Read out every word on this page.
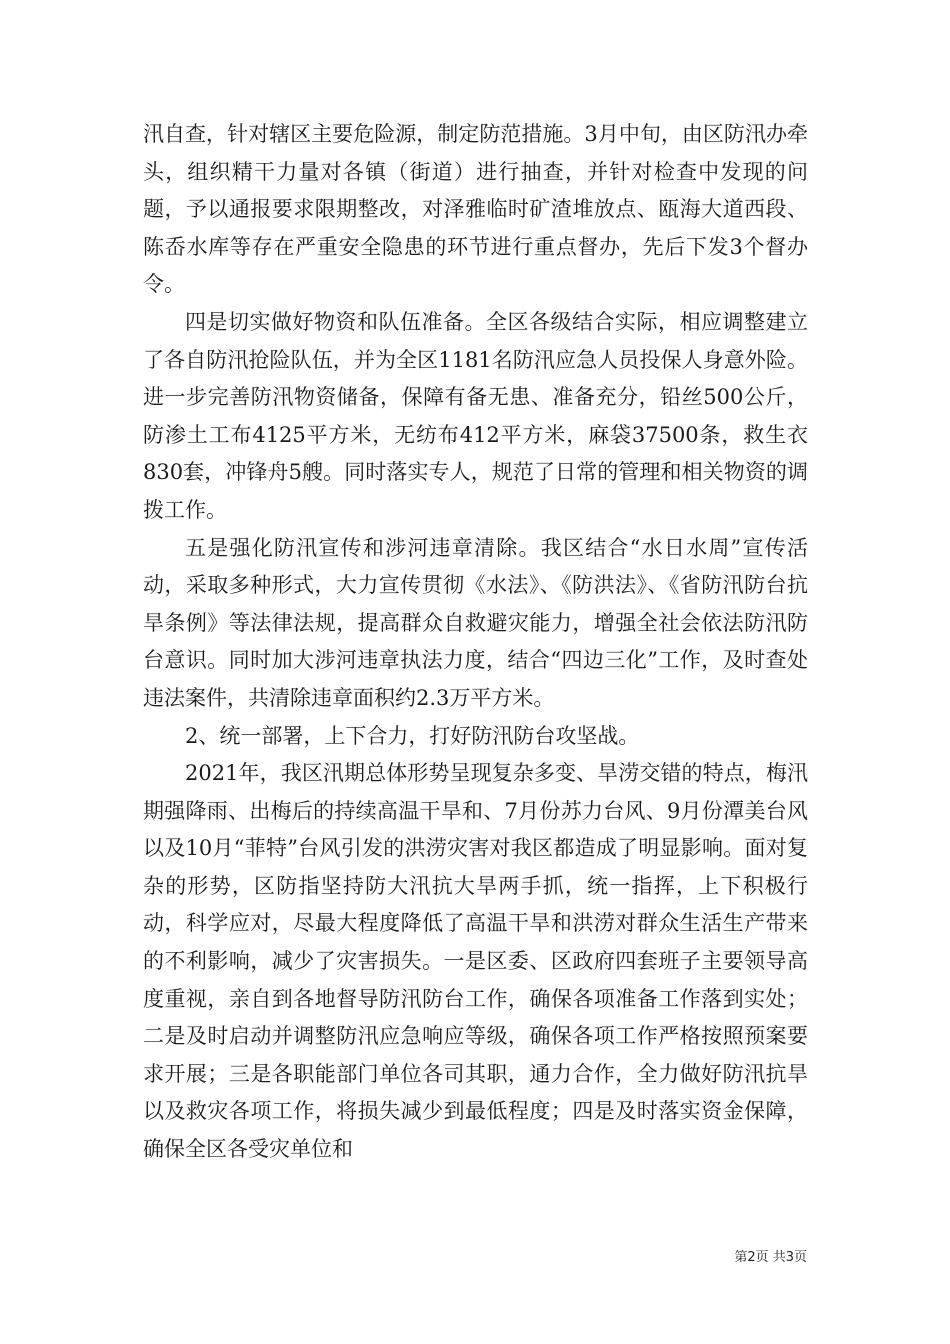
汛自查，针对辖区主要危险源，制定防范措施。3月中旬，由区防汛办牵头，组织精干力量对各镇（街道）进行抽查，并针对检查中发现的问题，予以通报要求限期整改，对泽雅临时矿渣堆放点、瓯海大道西段、陈岙水库等存在严重安全隐患的环节进行重点督办，先后下发3个督办令。

四是切实做好物资和队伍准备。全区各级结合实际，相应调整建立了各自防汛抢险队伍，并为全区1181名防汛应急人员投保人身意外险。进一步完善防汛物资储备，保障有备无患、准备充分，铅丝500公斤，防渗土工布4125平方米，无纺布412平方米，麻袋37500条，救生衣830套，冲锋舟5艘。同时落实专人，规范了日常的管理和相关物资的调拨工作。

五是强化防汛宣传和涉河违章清除。我区结合“水日水周”宣传活动，采取多种形式，大力宣传贯彻《水法》、《防洪法》、《省防汛防台抗旱条例》等法律法规，提高群众自救避灾能力，增强全社会依法防汛防台意识。同时加大涉河违章执法力度，结合“四边三化”工作，及时查处违法案件，共清除违章面积约2.3万平方米。

2、统一部署，上下合力，打好防汛防台攻坚战。

2021年，我区汛期总体形势呈现复杂多变、旱涝交错的特点，梅汛期强降雨、出梅后的持续高温干旱和、7月份苏力台风、9月份潭美台风以及10月“菲特”台风引发的洪涝灾害对我区都造成了明显影响。面对复杂的形势，区防指坚持防大汛抗大旱两手抓，统一指挥，上下积极行动，科学应对，尽最大程度降低了高温干旱和洪涝对群众生活生产带来的不利影响，减少了灾害损失。一是区委、区政府四套班子主要领导高度重视，亲自到各地督导防汛防台工作，确保各项准备工作落到实处；二是及时启动并调整防汛应急响应等级，确保各项工作严格按照预案要求开展；三是各职能部门单位各司其职，通力合作，全力做好防汛抗旱以及救灾各项工作，将损失减少到最低程度；四是及时落实资金保障，确保全区各受灾单位和

第2页 共3页
